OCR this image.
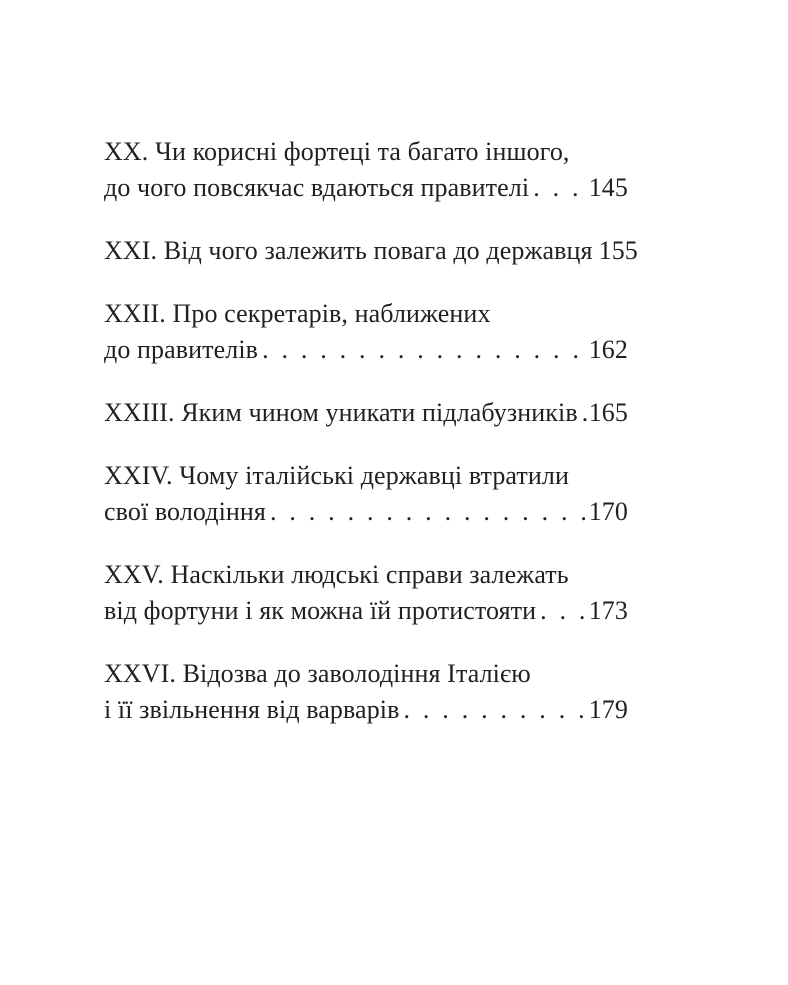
XX. Чи корисні фортеці та багато іншого,
до чого повсякчас вдаються правителі . . . 145
XXI. Від чого залежить повага до державця 155
XXII. Про секретарів, наближених
до правителів . . .	162
XXIII. Яким чином уникати підлабузників . . . 165
XXIV. Чому італійські державці втратили
свої володіння . . .	170
XXV. Наскільки людські справи залежать
від фортуни і як можна їй протистояти . . . 173
XXVI. Відозва до заволодіння Італією
і її звільнення від варварів . . .	179
